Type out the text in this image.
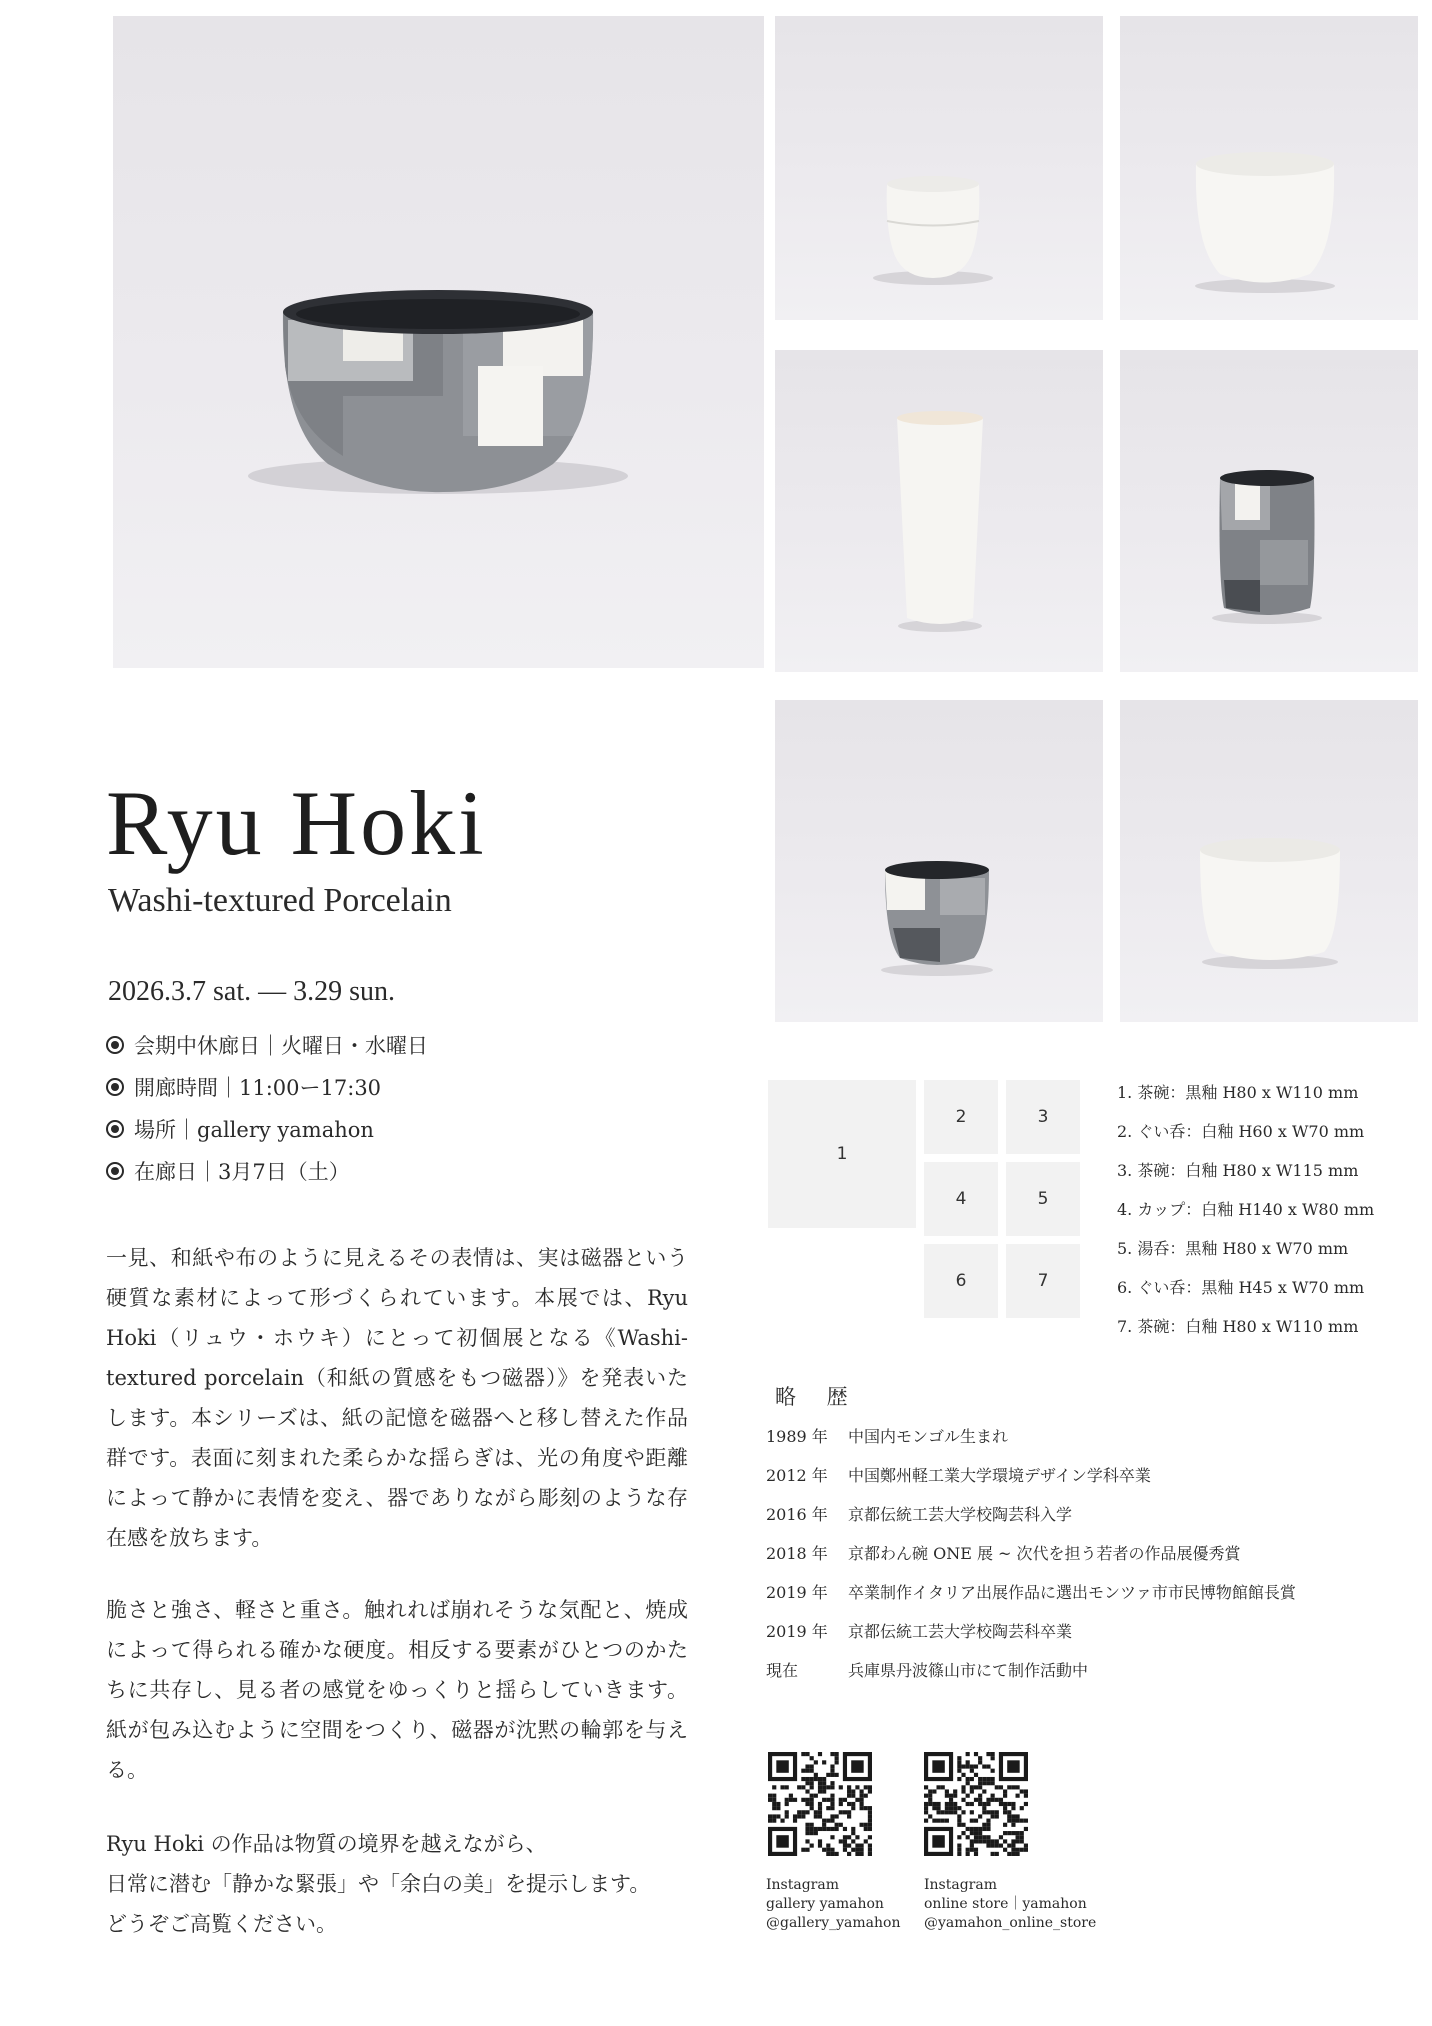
Ryu Hoki
Washi-textured Porcelain
2026.3.7 sat. — 3.29 sun.
会期中休廊日｜火曜日・水曜日
開廊時間｜11:00ー17:30
場所｜gallery yamahon
在廊日｜3月7日（土）

一見、和紙や布のように見えるその表情は、実は磁器という硬質な素材によって形づくられています。本展では、Ryu Hoki（リュウ・ホウキ）にとって初個展となる《Washi-textured porcelain（和紙の質感をもつ磁器）》を発表いたします。本シリーズは、紙の記憶を磁器へと移し替えた作品群です。表面に刻まれた柔らかな揺らぎは、光の角度や距離によって静かに表情を変え、器でありながら彫刻のような存在感を放ちます。

脆さと強さ、軽さと重さ。触れれば崩れそうな気配と、焼成によって得られる確かな硬度。相反する要素がひとつのかたちに共存し、見る者の感覚をゆっくりと揺らしていきます。紙が包み込むように空間をつくり、磁器が沈黙の輪郭を与える。

Ryu Hoki の作品は物質の境界を越えながら、
日常に潜む「静かな緊張」や「余白の美」を提示します。
どうぞご高覧ください。

1
2	3
4	5
6	7
1. 茶碗：黒釉 H80 x W110 mm
2. ぐい呑：白釉 H60 x W70 mm
3. 茶碗：白釉 H80 x W115 mm
4. カップ：白釉 H140 x W80 mm
5. 湯呑：黒釉 H80 x W70 mm
6. ぐい呑：黒釉 H45 x W70 mm
7. 茶碗：白釉 H80 x W110 mm
略 歴
1989 年 中国内モンゴル生まれ
2012 年 中国鄭州軽工業大学環境デザイン学科卒業
2016 年 京都伝統工芸大学校陶芸科入学
2018 年 京都わん碗 ONE 展 ~ 次代を担う若者の作品展優秀賞
2019 年 卒業制作イタリア出展作品に選出モンツァ市市民博物館館長賞
2019 年 京都伝統工芸大学校陶芸科卒業
現在	兵庫県丹波篠山市にて制作活動中
Instagram
gallery yamahon
@gallery_yamahon
Instagram
online store｜yamahon
@yamahon_online_store
